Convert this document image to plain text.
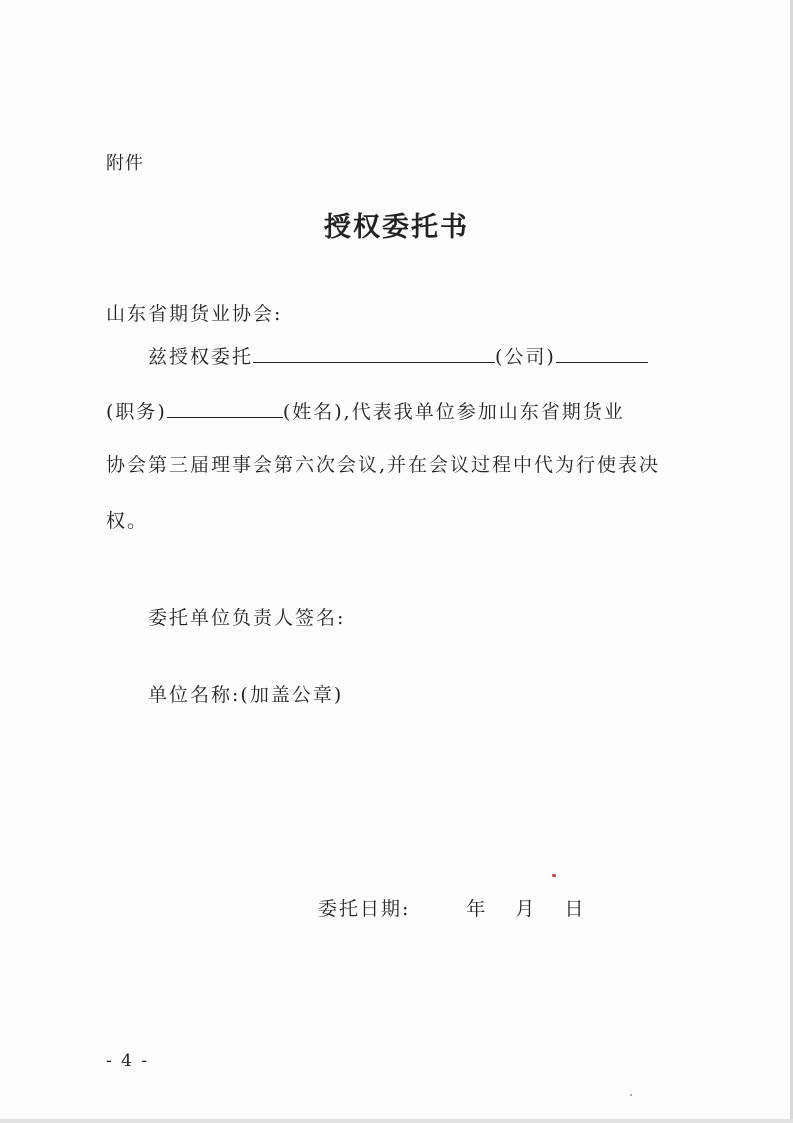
附件
授权委托书
山东省期货业协会:
兹授权委托	(公司)
(职务)	(姓名),代表我单位参加山东省期货业
协会第三届理事会第六次会议,并在会议过程中代为行使表决
权。
委托单位负责人签名:
单位名称:(加盖公章)
委托日期:	年 月 日
- 4 -
